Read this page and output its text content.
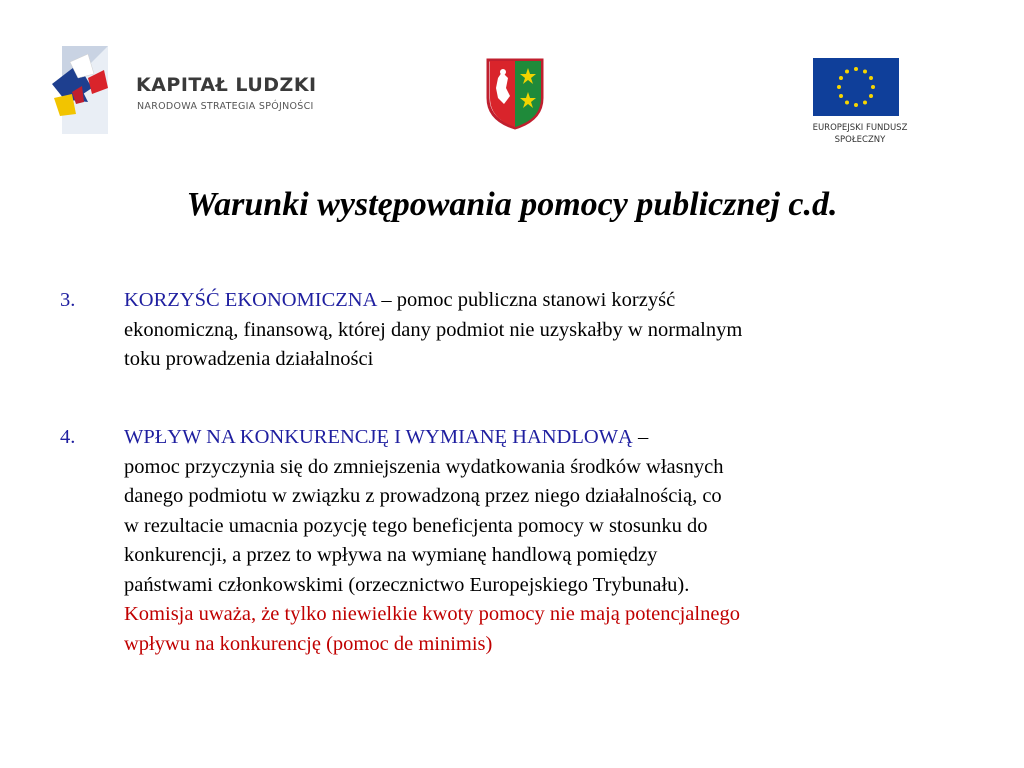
KAPITAŁ LUDZKI
NARODOWA STRATEGIA SPÓJNOŚCI
EUROPEJSKI FUNDUSZ
SPOŁECZNY
Warunki występowania pomocy publicznej c.d.
3. KORZYŚĆ EKONOMICZNA – pomoc publiczna stanowi korzyść
ekonomiczną, finansową, której dany podmiot nie uzyskałby w normalnym
toku prowadzenia działalności
4. WPŁYW NA KONKURENCJĘ I WYMIANĘ HANDLOWĄ –
pomoc przyczynia się do zmniejszenia wydatkowania środków własnych
danego podmiotu w związku z prowadzoną przez niego działalnością, co
w rezultacie umacnia pozycję tego beneficjenta pomocy w stosunku do
konkurencji, a przez to wpływa na wymianę handlową pomiędzy
państwami członkowskimi (orzecznictwo Europejskiego Trybunału).
Komisja uważa, że tylko niewielkie kwoty pomocy nie mają potencjalnego
wpływu na konkurencję (pomoc de minimis)
